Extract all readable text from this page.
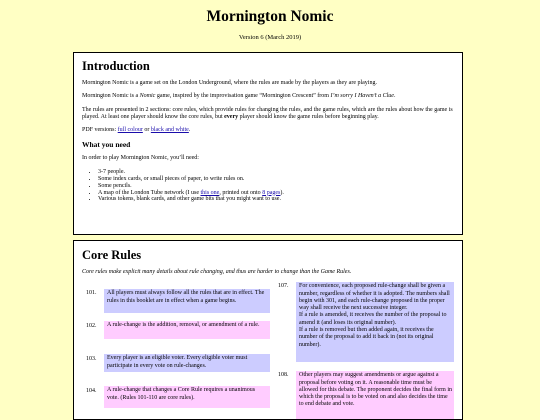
Mornington Nomic
Version 6 (March 2019)
Introduction

Mornington Nomic is a game set on the London Underground, where the rules are made by the players as they are playing.

Mornington Nomic is a Nomic game, inspired by the improvisation game “Mornington Crescent” from I’m sorry I Haven’t a Clue.

The rules are presented in 2 sections: core rules, which provide rules for changing the rules, and the game rules, which are the rules about how the game is played. At least one player should know the core rules, but every player should know the game rules before beginning play.

PDF versions: full colour or black and white.

What you need

In order to play Mornington Nomic, you’ll need:

• 3-7 people.
• Some index cards, or small pieces of paper, to write rules on.
• Some pencils.
• A map of the London Tube network (I use this one, printed out onto 8 pages).
• Various tokens, blank cards, and other game bits that you might want to use.
Core Rules

Core rules make explicit many details about rule changing, and thus are harder to change than the Game Rules.

101.	All players must always follow all the rules that are in effect. The rules in this booklet are in effect when a game begins.
102.	A rule-change is the addition, removal, or amendment of a rule.
103.	Every player is an eligible voter. Every eligible voter must participate in every vote on rule-changes.
104.	A rule-change that changes a Core Rule requires a unanimous vote. (Rules 101-110 are core rules).
107.	For convenience, each proposed rule-change shall be given a number, regardless of whether it is adopted. The numbers shall begin with 301, and each rule-change proposed in the proper way shall receive the next successive integer.
If a rule is amended, it receives the number of the proposal to amend it (and loses its original number).
If a rule is removed but then added again, it receives the number of the proposal to add it back in (not its original number).
108.	Other players may suggest amendments or argue against a proposal before voting on it. A reasonable time must be allowed for this debate. The proponent decides the final form in which the proposal is to be voted on and also decides the time to end debate and vote.
